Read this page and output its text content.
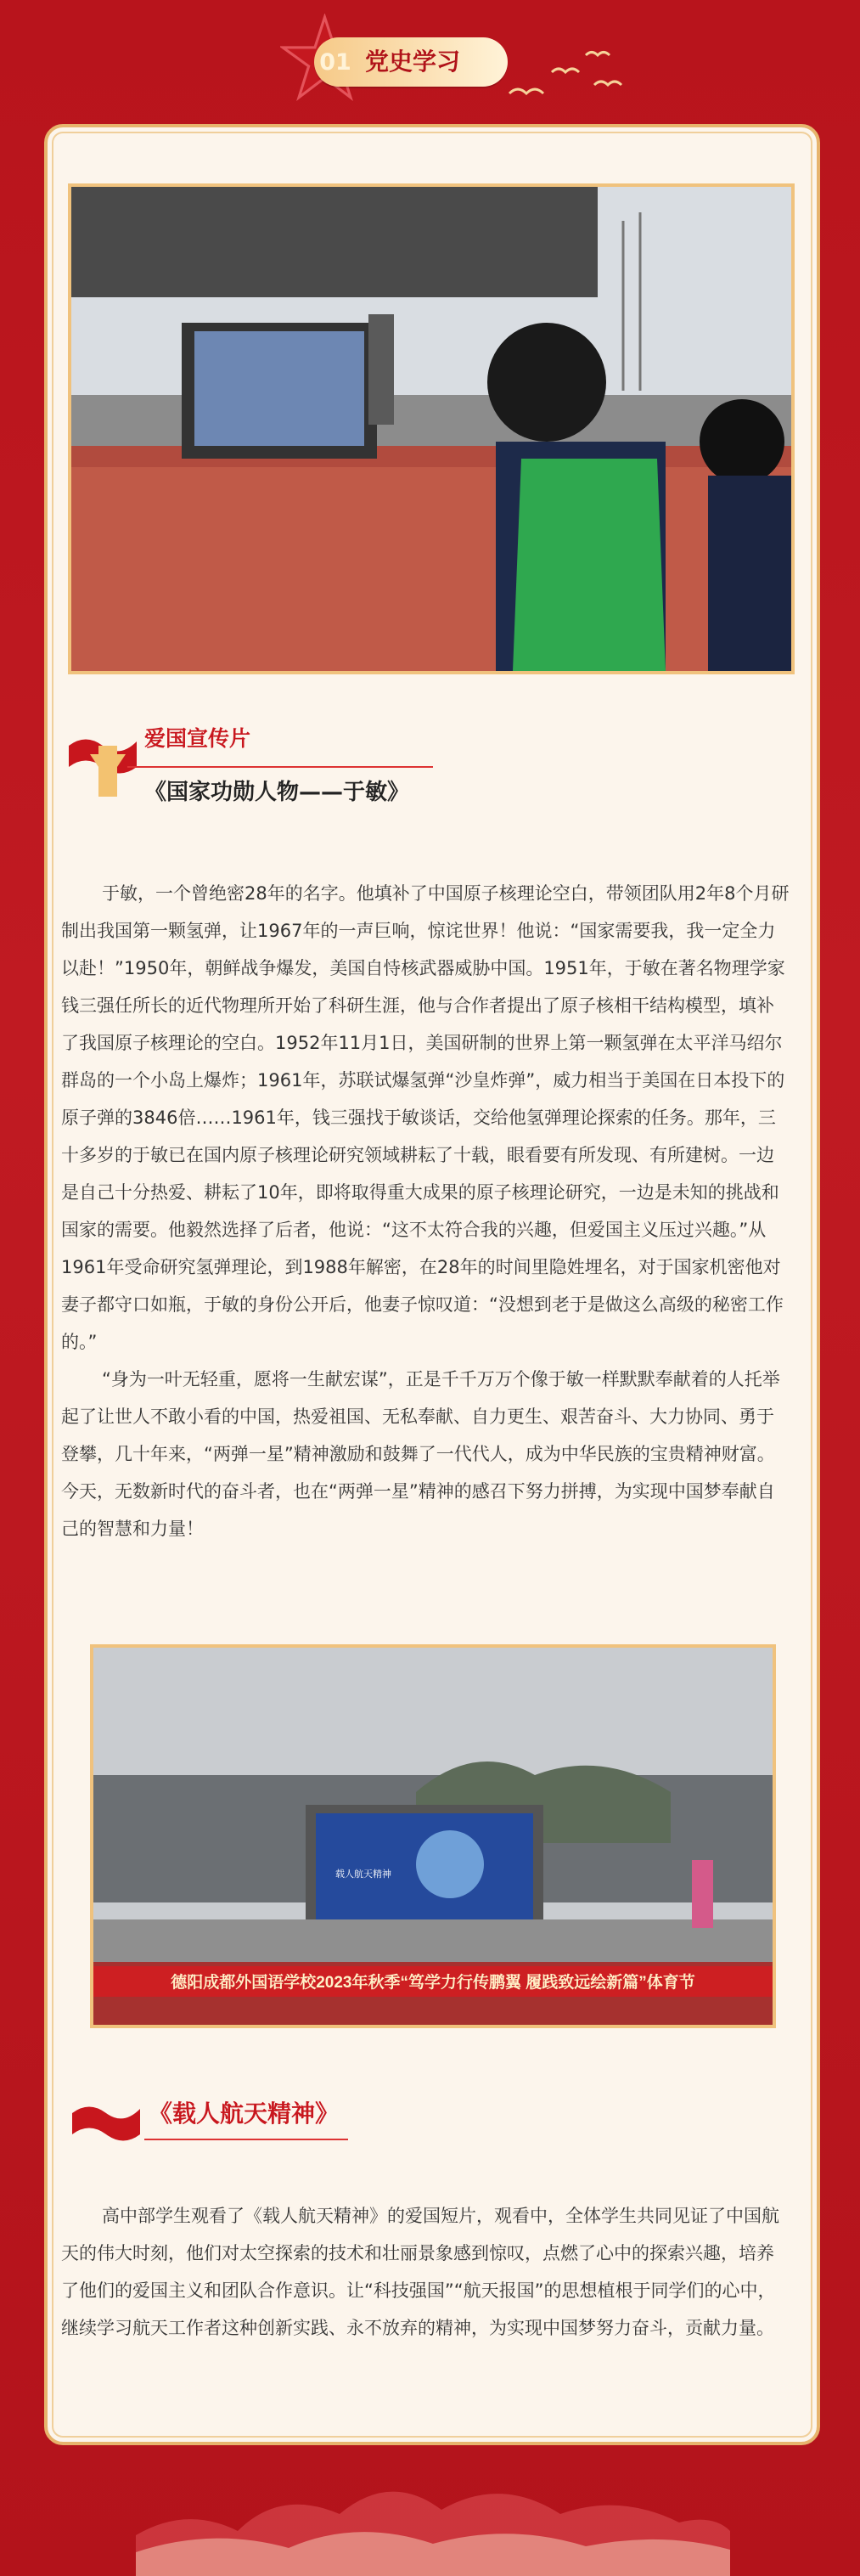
01 党史学习
爱国宣传片
《国家功勋人物——于敏》

于敏，一个曾绝密28年的名字。他填补了中国原子核理论空白，带领团队用2年8个月研制出我国第一颗氢弹，让1967年的一声巨响，惊诧世界！他说：“国家需要我，我一定全力以赴！”1950年，朝鲜战争爆发，美国自恃核武器威胁中国。1951年，于敏在著名物理学家钱三强任所长的近代物理所开始了科研生涯，他与合作者提出了原子核相干结构模型，填补了我国原子核理论的空白。1952年11月1日，美国研制的世界上第一颗氢弹在太平洋马绍尔群岛的一个小岛上爆炸；1961年，苏联试爆氢弹“沙皇炸弹”，威力相当于美国在日本投下的原子弹的3846倍……1961年，钱三强找于敏谈话，交给他氢弹理论探索的任务。那年，三十多岁的于敏已在国内原子核理论研究领域耕耘了十载，眼看要有所发现、有所建树。一边是自己十分热爱、耕耘了10年，即将取得重大成果的原子核理论研究，一边是未知的挑战和国家的需要。他毅然选择了后者，他说：“这不太符合我的兴趣，但爱国主义压过兴趣。”从1961年受命研究氢弹理论，到1988年解密，在28年的时间里隐姓埋名，对于国家机密他对妻子都守口如瓶，于敏的身份公开后，他妻子惊叹道：“没想到老于是做这么高级的秘密工作的。”

“身为一叶无轻重，愿将一生献宏谋”，正是千千万万个像于敏一样默默奉献着的人托举起了让世人不敢小看的中国，热爱祖国、无私奉献、自力更生、艰苦奋斗、大力协同、勇于登攀，几十年来，“两弹一星”精神激励和鼓舞了一代代人，成为中华民族的宝贵精神财富。今天，无数新时代的奋斗者，也在“两弹一星”精神的感召下努力拼搏，为实现中国梦奉献自己的智慧和力量！

载人航天精神
德阳成都外国语学校2023年秋季“笃学力行传鹏翼 履践致远绘新篇”体育节
《载人航天精神》

高中部学生观看了《载人航天精神》的爱国短片，观看中，全体学生共同见证了中国航天的伟大时刻，他们对太空探索的技术和壮丽景象感到惊叹，点燃了心中的探索兴趣，培养了他们的爱国主义和团队合作意识。让“科技强国”“航天报国”的思想植根于同学们的心中，继续学习航天工作者这种创新实践、永不放弃的精神，为实现中国梦努力奋斗，贡献力量。
